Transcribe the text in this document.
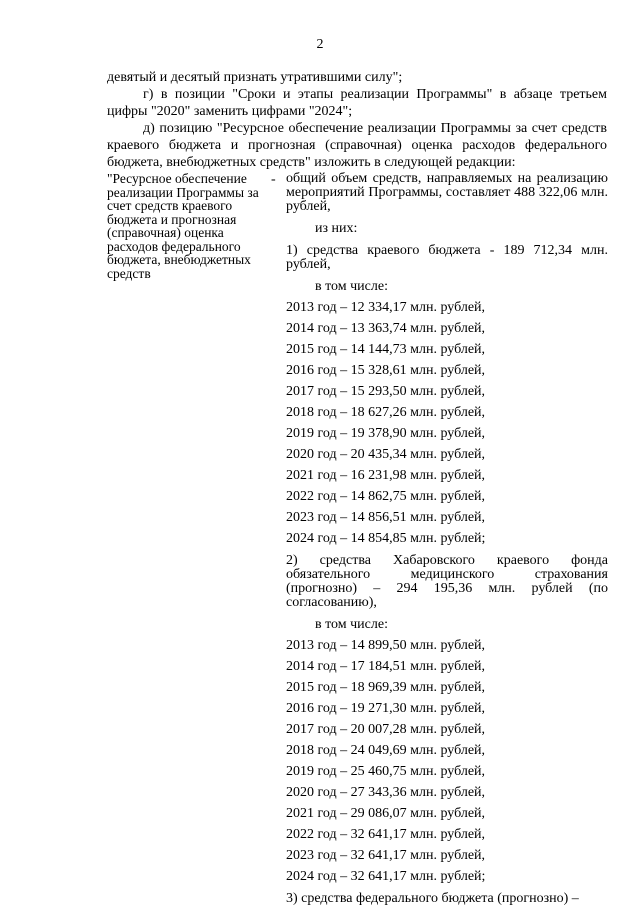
2

девятый и десятый признать утратившими силу";

г) в позиции "Сроки и этапы реализации Программы" в абзаце третьем цифры "2020" заменить цифрами "2024";

д) позицию "Ресурсное обеспечение реализации Программы за счет средств краевого бюджета и прогнозная (справочная) оценка расходов федерального бюджета, внебюджетных средств" изложить в следующей редакции:

"Ресурсное обеспечение реализации Программы за счет средств краевого бюджета и прогнозная (справочная) оценка расходов федерального бюджета, внебюджетных средств
- общий объем средств, направляемых на реализацию мероприятий Программы, составляет 488 322,06 млн. рублей,
из них:
1) средства краевого бюджета - 189 712,34 млн. рублей,
в том числе:
2013 год – 12 334,17 млн. рублей,
2014 год – 13 363,74 млн. рублей,
2015 год – 14 144,73 млн. рублей,
2016 год – 15 328,61 млн. рублей,
2017 год – 15 293,50 млн. рублей,
2018 год – 18 627,26 млн. рублей,
2019 год – 19 378,90 млн. рублей,
2020 год – 20 435,34 млн. рублей,
2021 год – 16 231,98 млн. рублей,
2022 год – 14 862,75 млн. рублей,
2023 год – 14 856,51 млн. рублей,
2024 год – 14 854,85 млн. рублей;
2) средства Хабаровского краевого фонда обязательного медицинского страхования (прогнозно) – 294 195,36 млн. рублей (по согласованию),
в том числе:
2013 год – 14 899,50 млн. рублей,
2014 год – 17 184,51 млн. рублей,
2015 год – 18 969,39 млн. рублей,
2016 год – 19 271,30 млн. рублей,
2017 год – 20 007,28 млн. рублей,
2018 год – 24 049,69 млн. рублей,
2019 год – 25 460,75 млн. рублей,
2020 год – 27 343,36 млн. рублей,
2021 год – 29 086,07 млн. рублей,
2022 год – 32 641,17 млн. рублей,
2023 год – 32 641,17 млн. рублей,
2024 год – 32 641,17 млн. рублей;
3) средства федерального бюджета (прогнозно) –
